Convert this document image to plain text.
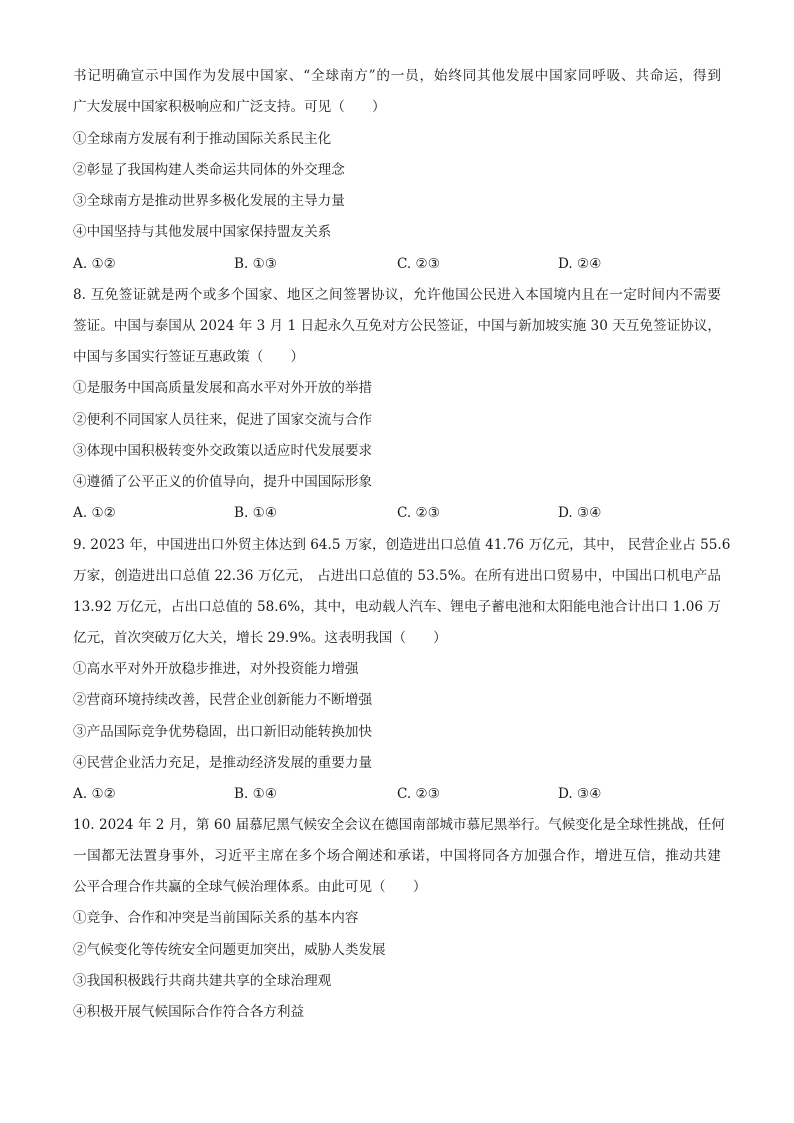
书记明确宣示中国作为发展中国家、“全球南方”的一员，始终同其他发展中国家同呼吸、共命运，得到
广大发展中国家积极响应和广泛支持。可见（　　）
①全球南方发展有利于推动国际关系民主化
②彰显了我国构建人类命运共同体的外交理念
③全球南方是推动世界多极化发展的主导力量
④中国坚持与其他发展中国家保持盟友关系
A. ①②	B. ①③	C. ②③	D. ②④
8. 互免签证就是两个或多个国家、地区之间签署协议，允许他国公民进入本国境内且在一定时间内不需要
签证。中国与泰国从 2024 年 3 月 1 日起永久互免对方公民签证，中国与新加坡实施 30 天互免签证协议，
中国与多国实行签证互惠政策（　　）
①是服务中国高质量发展和高水平对外开放的举措
②便利不同国家人员往来，促进了国家交流与合作
③体现中国积极转变外交政策以适应时代发展要求
④遵循了公平正义的价值导向，提升中国国际形象
A. ①②	B. ①④	C. ②③	D. ③④
9. 2023 年，中国进出口外贸主体达到 64.5 万家，创造进出口总值 41.76 万亿元，其中， 民营企业占 55.6
万家，创造进出口总值 22.36 万亿元， 占进出口总值的 53.5%。在所有进出口贸易中，中国出口机电产品
13.92 万亿元，占出口总值的 58.6%，其中，电动载人汽车、锂电子蓄电池和太阳能电池合计出口 1.06 万
亿元，首次突破万亿大关，增长 29.9%。这表明我国（　　）
①高水平对外开放稳步推进，对外投资能力增强
②营商环境持续改善，民营企业创新能力不断增强
③产品国际竞争优势稳固，出口新旧动能转换加快
④民营企业活力充足，是推动经济发展的重要力量
A. ①②	B. ①④	C. ②③	D. ③④
10. 2024 年 2 月，第 60 届慕尼黑气候安全会议在德国南部城市慕尼黑举行。气候变化是全球性挑战，任何
一国都无法置身事外，习近平主席在多个场合阐述和承诺，中国将同各方加强合作，增进互信，推动共建
公平合理合作共赢的全球气候治理体系。由此可见（　　）
①竞争、合作和冲突是当前国际关系的基本内容
②气候变化等传统安全问题更加突出，威胁人类发展
③我国积极践行共商共建共享的全球治理观
④积极开展气候国际合作符合各方利益
